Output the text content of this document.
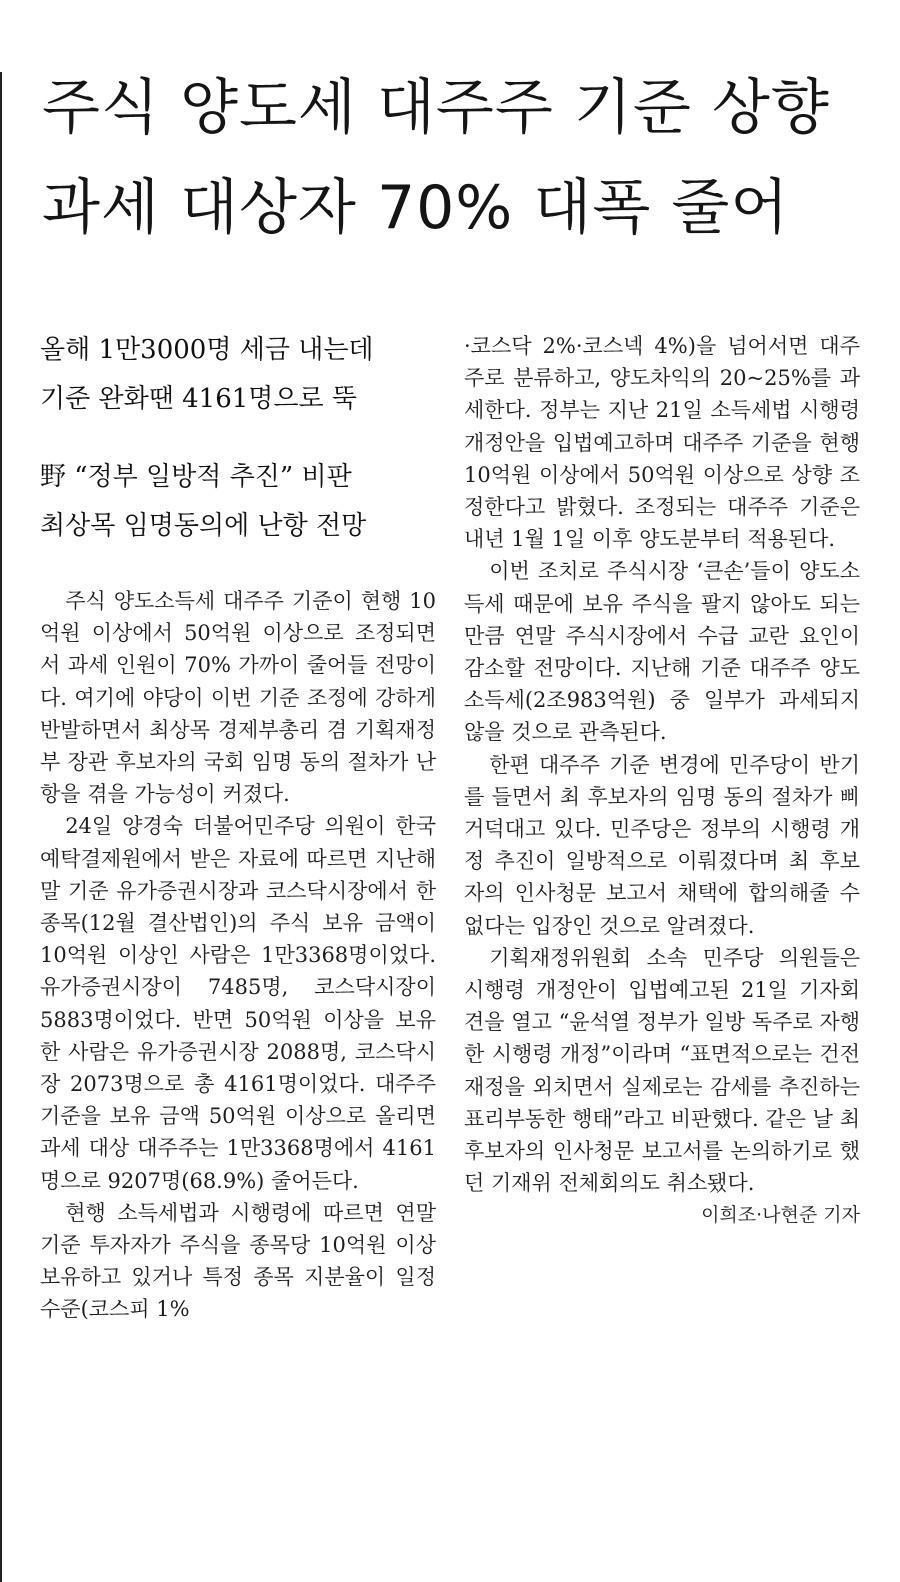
주식 양도세 대주주 기준 상향
과세 대상자 70% 대폭 줄어
올해 1만3000명 세금 내는데
기준 완화땐 4161명으로 뚝
野 “정부 일방적 추진” 비판
최상목 임명동의에 난항 전망

주식 양도소득세 대주주 기준이 현행 10억원 이상에서 50억원 이상으로 조정되면서 과세 인원이 70% 가까이 줄어들 전망이다. 여기에 야당이 이번 기준 조정에 강하게 반발하면서 최상목 경제부총리 겸 기획재정부 장관 후보자의 국회 임명 동의 절차가 난항을 겪을 가능성이 커졌다.

24일 양경숙 더불어민주당 의원이 한국예탁결제원에서 받은 자료에 따르면 지난해 말 기준 유가증권시장과 코스닥시장에서 한 종목(12월 결산법인)의 주식 보유 금액이 10억원 이상인 사람은 1만3368명이었다. 유가증권시장이 7485명, 코스닥시장이 5883명이었다. 반면 50억원 이상을 보유한 사람은 유가증권시장 2088명, 코스닥시장 2073명으로 총 4161명이었다. 대주주 기준을 보유 금액 50억원 이상으로 올리면 과세 대상 대주주는 1만3368명에서 4161명으로 9207명(68.9%) 줄어든다.

현행 소득세법과 시행령에 따르면 연말 기준 투자자가 주식을 종목당 10억원 이상 보유하고 있거나 특정 종목 지분율이 일정 수준(코스피 1%

·코스닥 2%·코스넥 4%)을 넘어서면 대주주로 분류하고, 양도차익의 20~25%를 과세한다. 정부는 지난 21일 소득세법 시행령 개정안을 입법예고하며 대주주 기준을 현행 10억원 이상에서 50억원 이상으로 상향 조정한다고 밝혔다. 조정되는 대주주 기준은 내년 1월 1일 이후 양도분부터 적용된다.

이번 조치로 주식시장 ‘큰손’들이 양도소득세 때문에 보유 주식을 팔지 않아도 되는 만큼 연말 주식시장에서 수급 교란 요인이 감소할 전망이다. 지난해 기준 대주주 양도소득세(2조983억원) 중 일부가 과세되지 않을 것으로 관측된다.

한편 대주주 기준 변경에 민주당이 반기를 들면서 최 후보자의 임명 동의 절차가 삐거덕대고 있다. 민주당은 정부의 시행령 개정 추진이 일방적으로 이뤄졌다며 최 후보자의 인사청문 보고서 채택에 합의해줄 수 없다는 입장인 것으로 알려졌다.

기획재정위원회 소속 민주당 의원들은 시행령 개정안이 입법예고된 21일 기자회견을 열고 “윤석열 정부가 일방 독주로 자행한 시행령 개정”이라며 “표면적으로는 건전재정을 외치면서 실제로는 감세를 추진하는 표리부동한 행태”라고 비판했다. 같은 날 최 후보자의 인사청문 보고서를 논의하기로 했던 기재위 전체회의도 취소됐다.
이희조·나현준 기자
